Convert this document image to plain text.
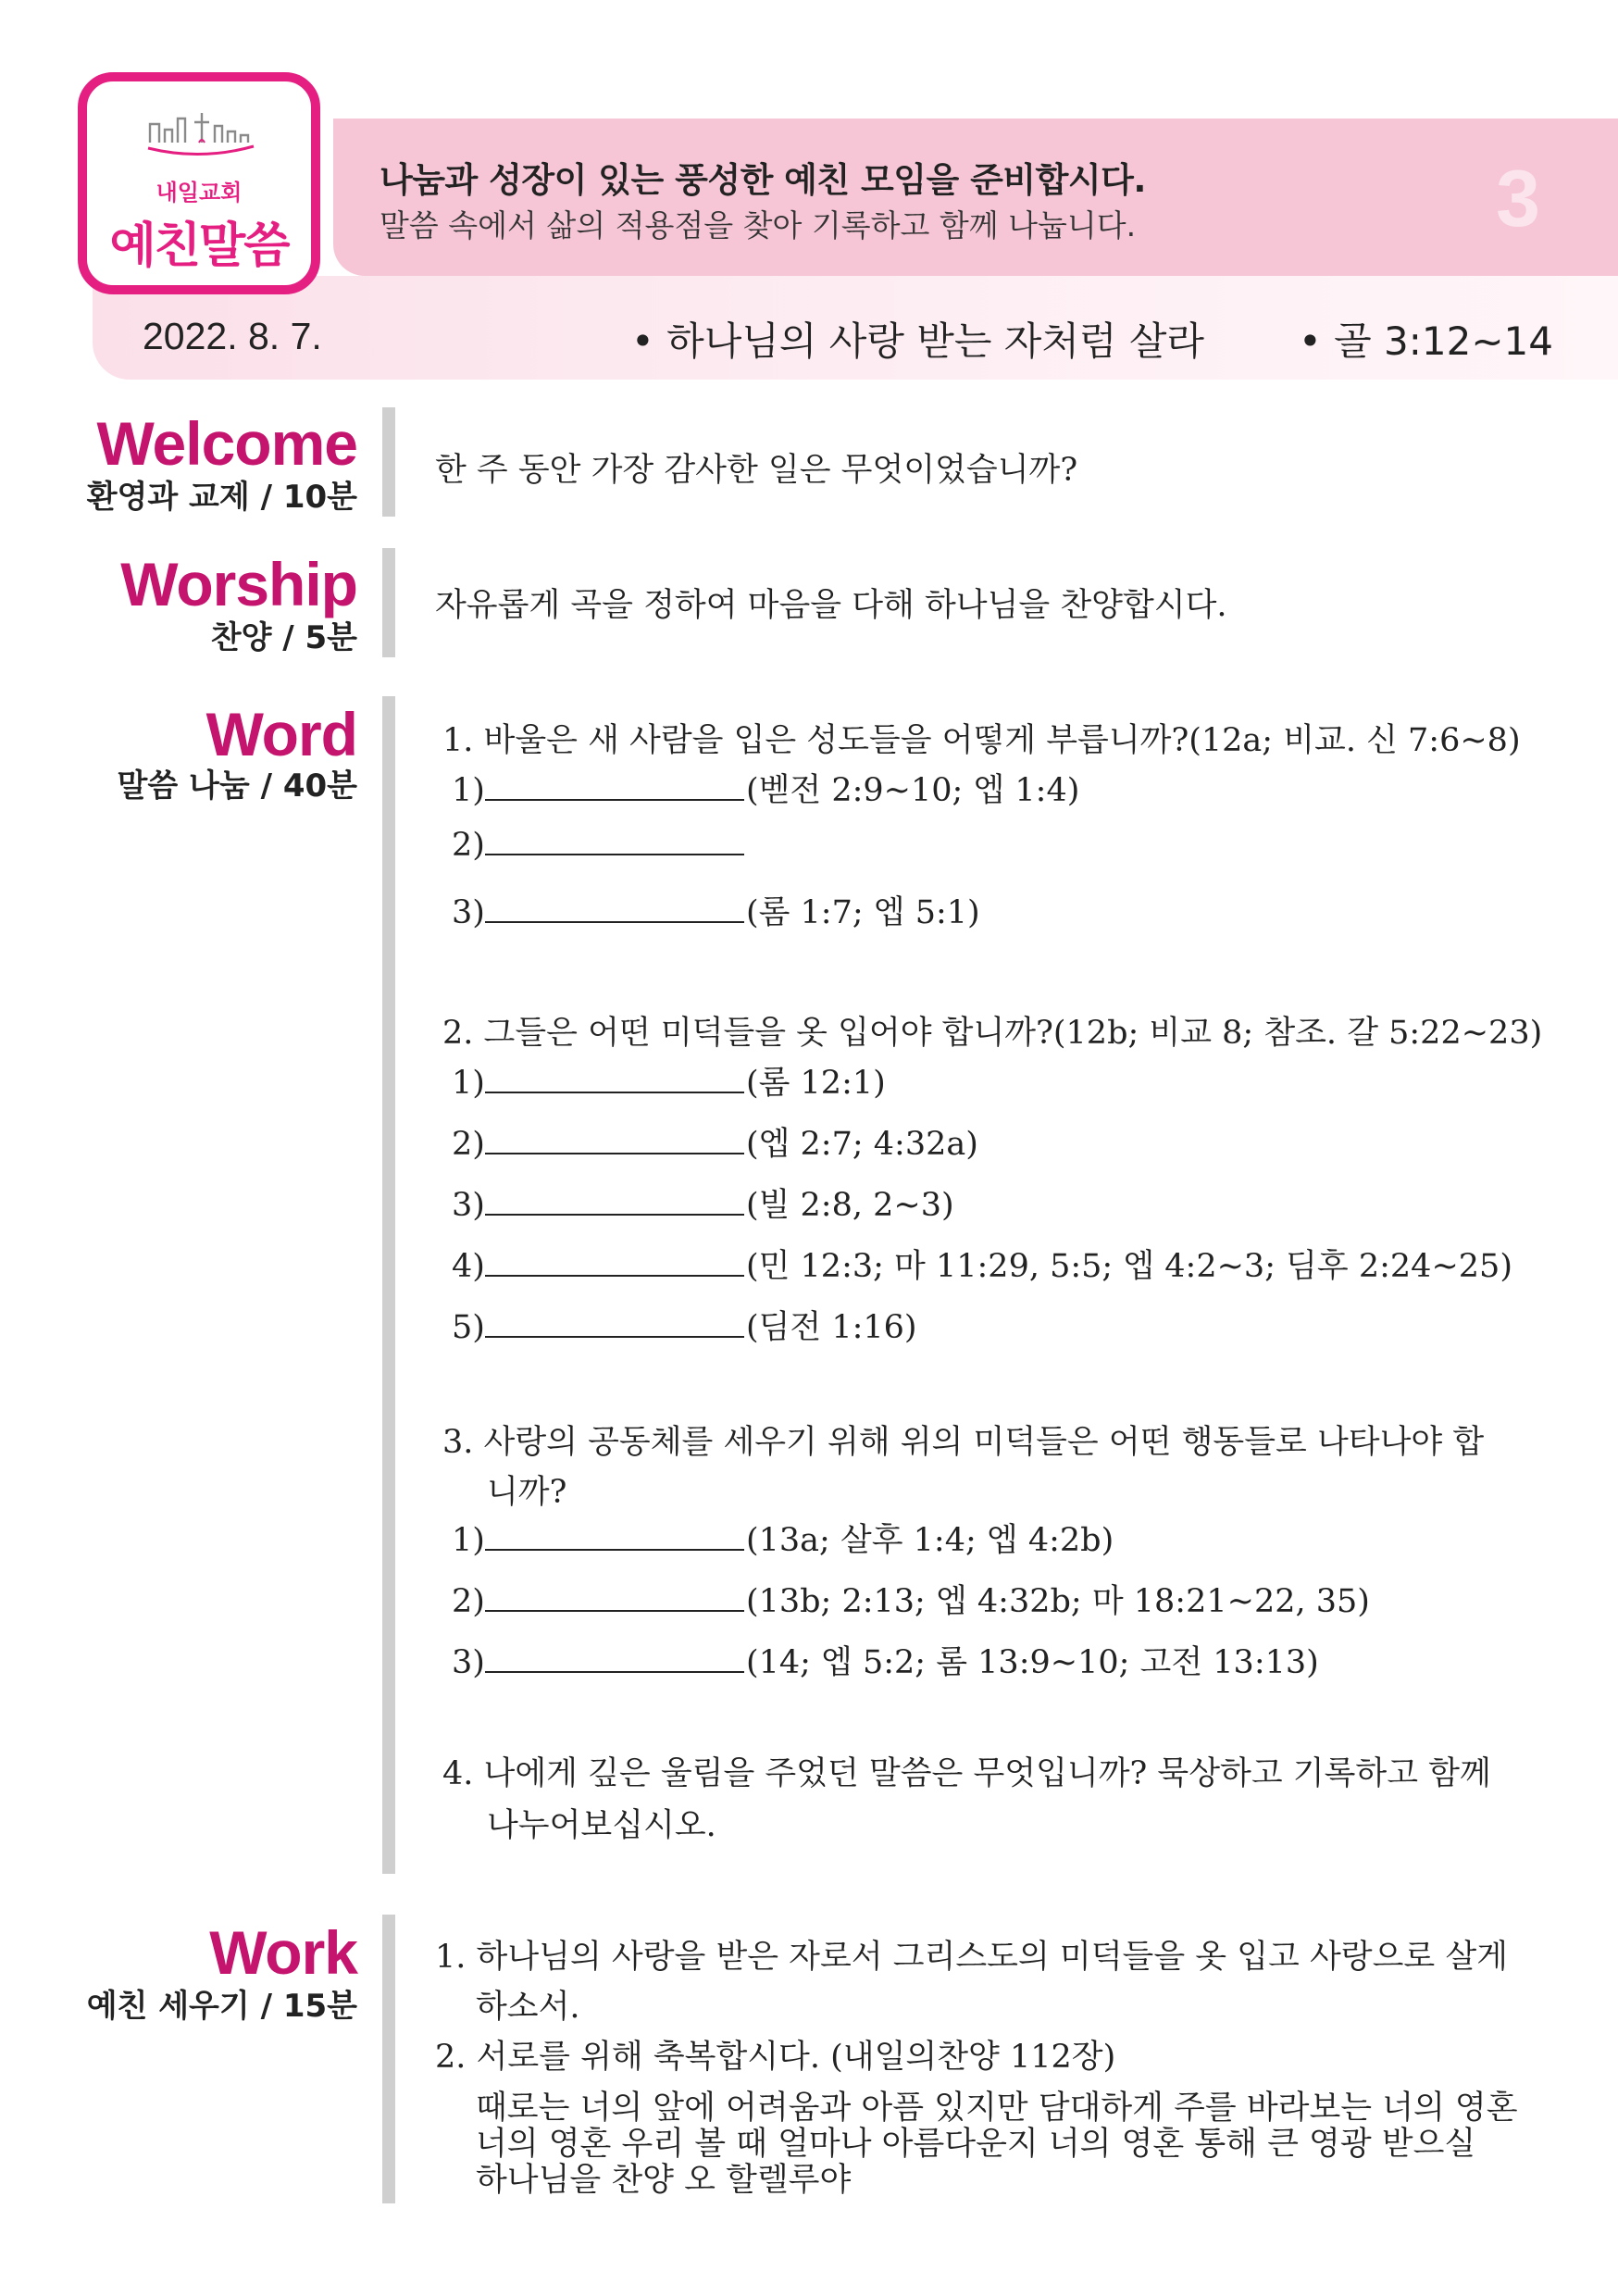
나눔과 성장이 있는 풍성한 예친 모임을 준비합시다.
말씀 속에서 삶의 적용점을 찾아 기록하고 함께 나눕니다.	3
내일교회
예친말씀
2022. 8. 7.	• 하나님의 사랑 받는 자처럼 살라 • 골 3:12~14
Welcome
환영과 교제 / 10분
한 주 동안 가장 감사한 일은 무엇이었습니까?
Worship
찬양 / 5분
자유롭게 곡을 정하여 마음을 다해 하나님을 찬양합시다.
Word
말씀 나눔 / 40분
1. 바울은 새 사람을 입은 성도들을 어떻게 부릅니까?(12a; 비교. 신 7:6~8)
1)	(벧전 2:9~10; 엡 1:4)
2)
3)	(롬 1:7; 엡 5:1)
2. 그들은 어떤 미덕들을 옷 입어야 합니까?(12b; 비교 8; 참조. 갈 5:22~23)
1)	(롬 12:1)
2)	(엡 2:7; 4:32a)
3)	(빌 2:8, 2~3)
4)	(민 12:3; 마 11:29, 5:5; 엡 4:2~3; 딤후 2:24~25)
5)	(딤전 1:16)
3. 사랑의 공동체를 세우기 위해 위의 미덕들은 어떤 행동들로 나타나야 합
니까?
1)	(13a; 살후 1:4; 엡 4:2b)
2)	(13b; 2:13; 엡 4:32b; 마 18:21~22, 35)
3)	(14; 엡 5:2; 롬 13:9~10; 고전 13:13)
4. 나에게 깊은 울림을 주었던 말씀은 무엇입니까? 묵상하고 기록하고 함께
나누어보십시오.
Work
예친 세우기 / 15분
1. 하나님의 사랑을 받은 자로서 그리스도의 미덕들을 옷 입고 사랑으로 살게
하소서.
2. 서로를 위해 축복합시다. (내일의찬양 112장)
때로는 너의 앞에 어려움과 아픔 있지만 담대하게 주를 바라보는 너의 영혼
너의 영혼 우리 볼 때 얼마나 아름다운지 너의 영혼 통해 큰 영광 받으실
하나님을 찬양 오 할렐루야
